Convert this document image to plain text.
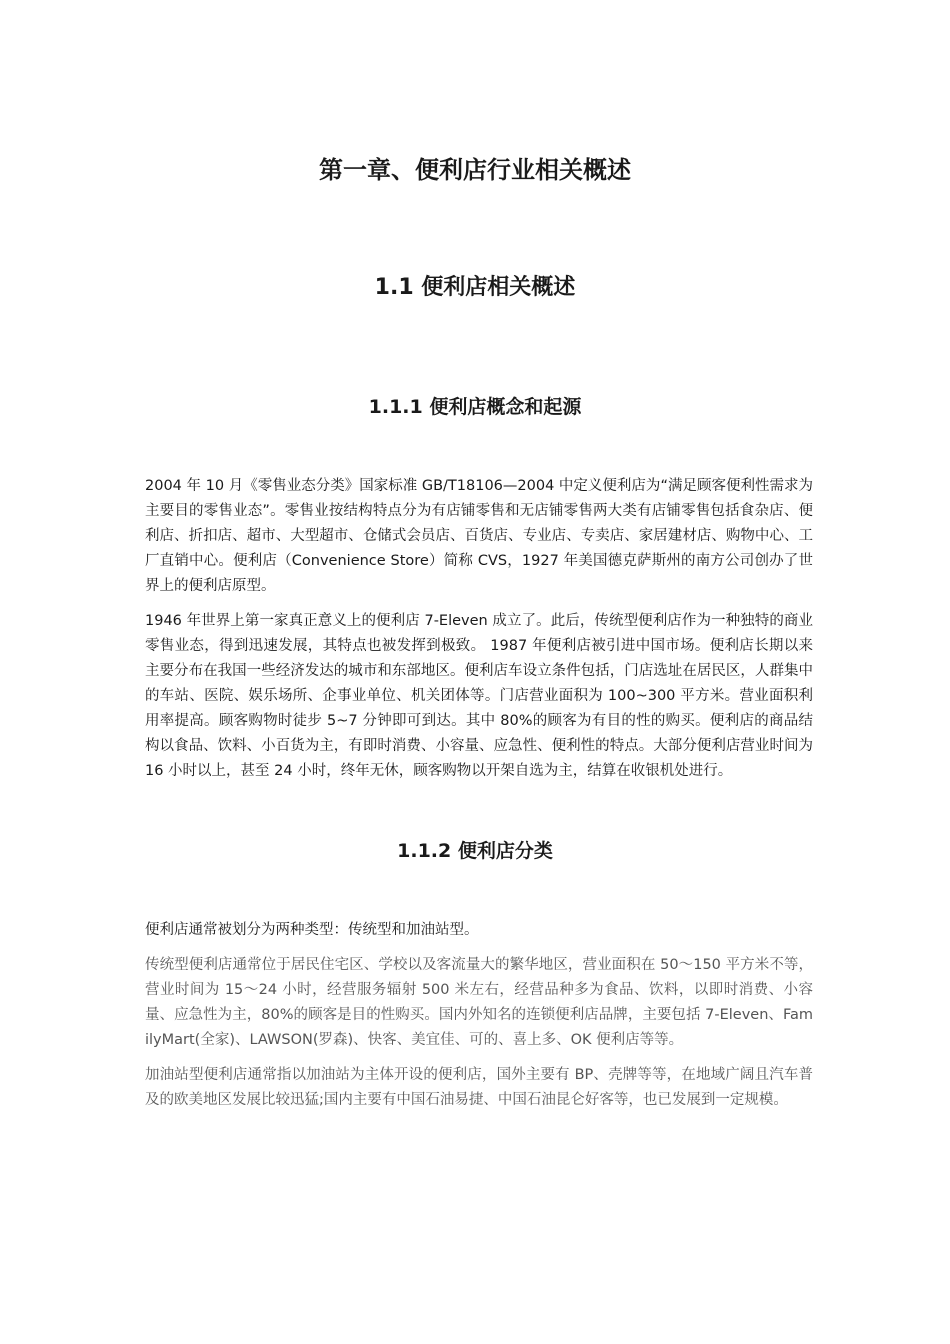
第一章、便利店行业相关概述
1.1 便利店相关概述
1.1.1 便利店概念和起源

2004 年 10 月《零售业态分类》国家标准 GB/T18106—2004 中定义便利店为“满足顾客便利性需求为主要目的零售业态”。零售业按结构特点分为有店铺零售和无店铺零售两大类有店铺零售包括食杂店、便利店、折扣店、超市、大型超市、仓储式会员店、百货店、专业店、专卖店、家居建材店、购物中心、工厂直销中心。便利店（Convenience Store）简称 CVS，1927 年美国德克萨斯州的南方公司创办了世界上的便利店原型。

1946 年世界上第一家真正意义上的便利店 7-Eleven 成立了。此后，传统型便利店作为一种独特的商业零售业态，得到迅速发展，其特点也被发挥到极致。 1987 年便利店被引进中国市场。便利店长期以来主要分布在我国一些经济发达的城市和东部地区。便利店车设立条件包括，门店选址在居民区，人群集中的车站、医院、娱乐场所、企事业单位、机关团体等。门店营业面积为 100~300 平方米。营业面积利用率提高。顾客购物时徒步 5~7 分钟即可到达。其中 80%的顾客为有目的性的购买。便利店的商品结构以食品、饮料、小百货为主，有即时消费、小容量、应急性、便利性的特点。大部分便利店营业时间为 16 小时以上，甚至 24 小时，终年无休，顾客购物以开架自选为主，结算在收银机处进行。

1.1.2 便利店分类

便利店通常被划分为两种类型：传统型和加油站型。

传统型便利店通常位于居民住宅区、学校以及客流量大的繁华地区，营业面积在 50～150 平方米不等，营业时间为 15～24 小时，经营服务辐射 500 米左右，经营品种多为食品、饮料，以即时消费、小容量、应急性为主，80%的顾客是目的性购买。国内外知名的连锁便利店品牌，主要包括 7-Eleven、FamilyMart(全家)、LAWSON(罗森)、快客、美宜佳、可的、喜上多、OK 便利店等等。

加油站型便利店通常指以加油站为主体开设的便利店，国外主要有 BP、壳牌等等，在地域广阔且汽车普及的欧美地区发展比较迅猛;国内主要有中国石油易捷、中国石油昆仑好客等，也已发展到一定规模。
